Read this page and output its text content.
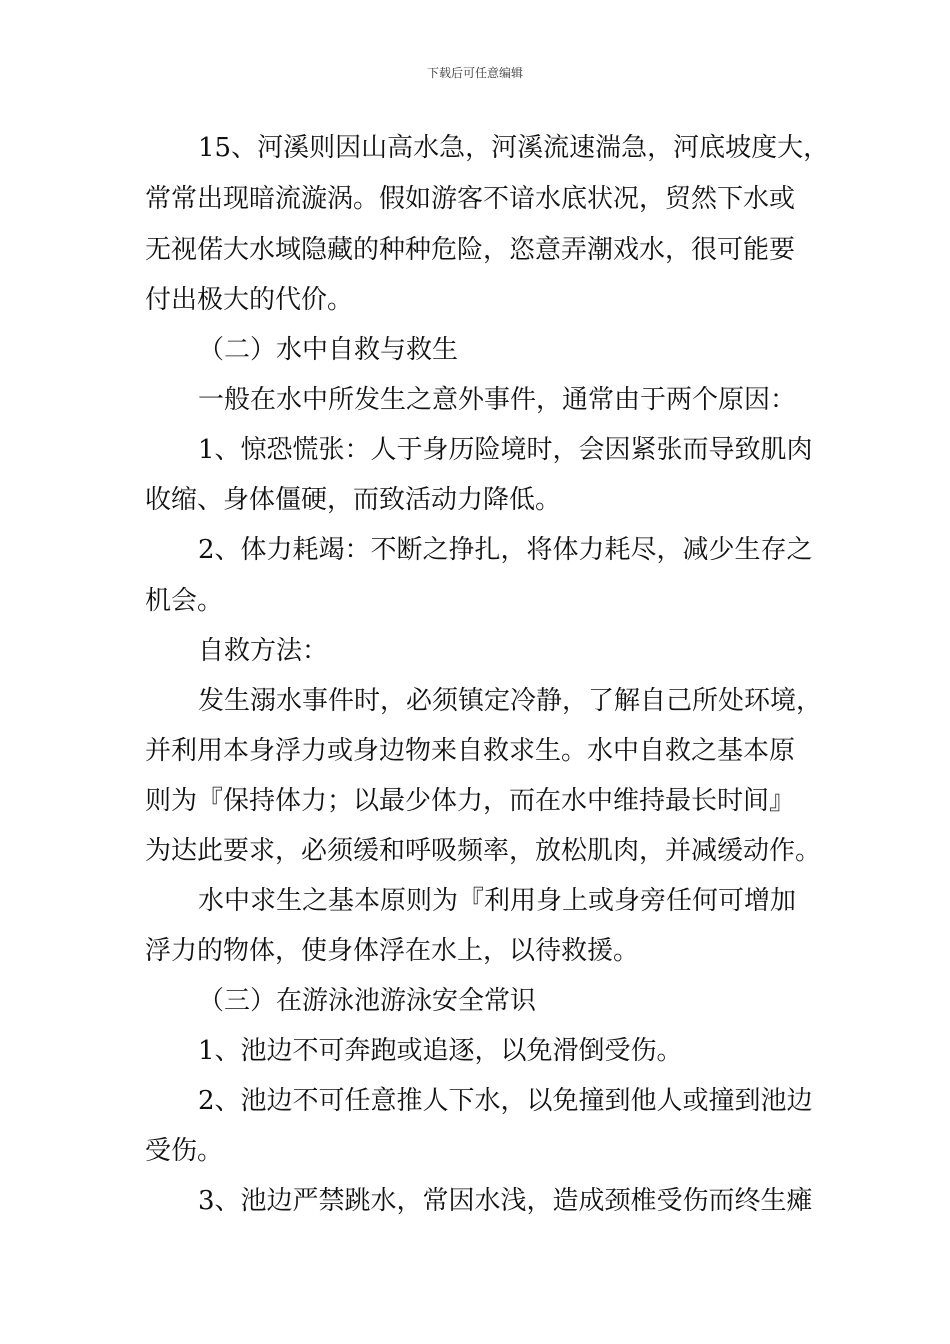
下载后可任意编辑

15、河溪则因山高水急，河溪流速湍急，河底坡度大，

常常出现暗流漩涡。假如游客不谙水底状况，贸然下水或

无视偌大水域隐藏的种种危险，恣意弄潮戏水，很可能要

付出极大的代价。

（二）水中自救与救生

一般在水中所发生之意外事件，通常由于两个原因：

1、惊恐慌张：人于身历险境时，会因紧张而导致肌肉

收缩、身体僵硬，而致活动力降低。

2、体力耗竭：不断之挣扎，将体力耗尽，减少生存之

机会。

自救方法：

发生溺水事件时，必须镇定冷静，了解自己所处环境，

并利用本身浮力或身边物来自救求生。水中自救之基本原

则为『保持体力；以最少体力，而在水中维持最长时间』

为达此要求，必须缓和呼吸频率，放松肌肉，并减缓动作。

水中求生之基本原则为『利用身上或身旁任何可增加

浮力的物体，使身体浮在水上，以待救援。

（三）在游泳池游泳安全常识

1、池边不可奔跑或追逐，以免滑倒受伤。

2、池边不可任意推人下水，以免撞到他人或撞到池边

受伤。

3、池边严禁跳水，常因水浅，造成颈椎受伤而终生瘫
